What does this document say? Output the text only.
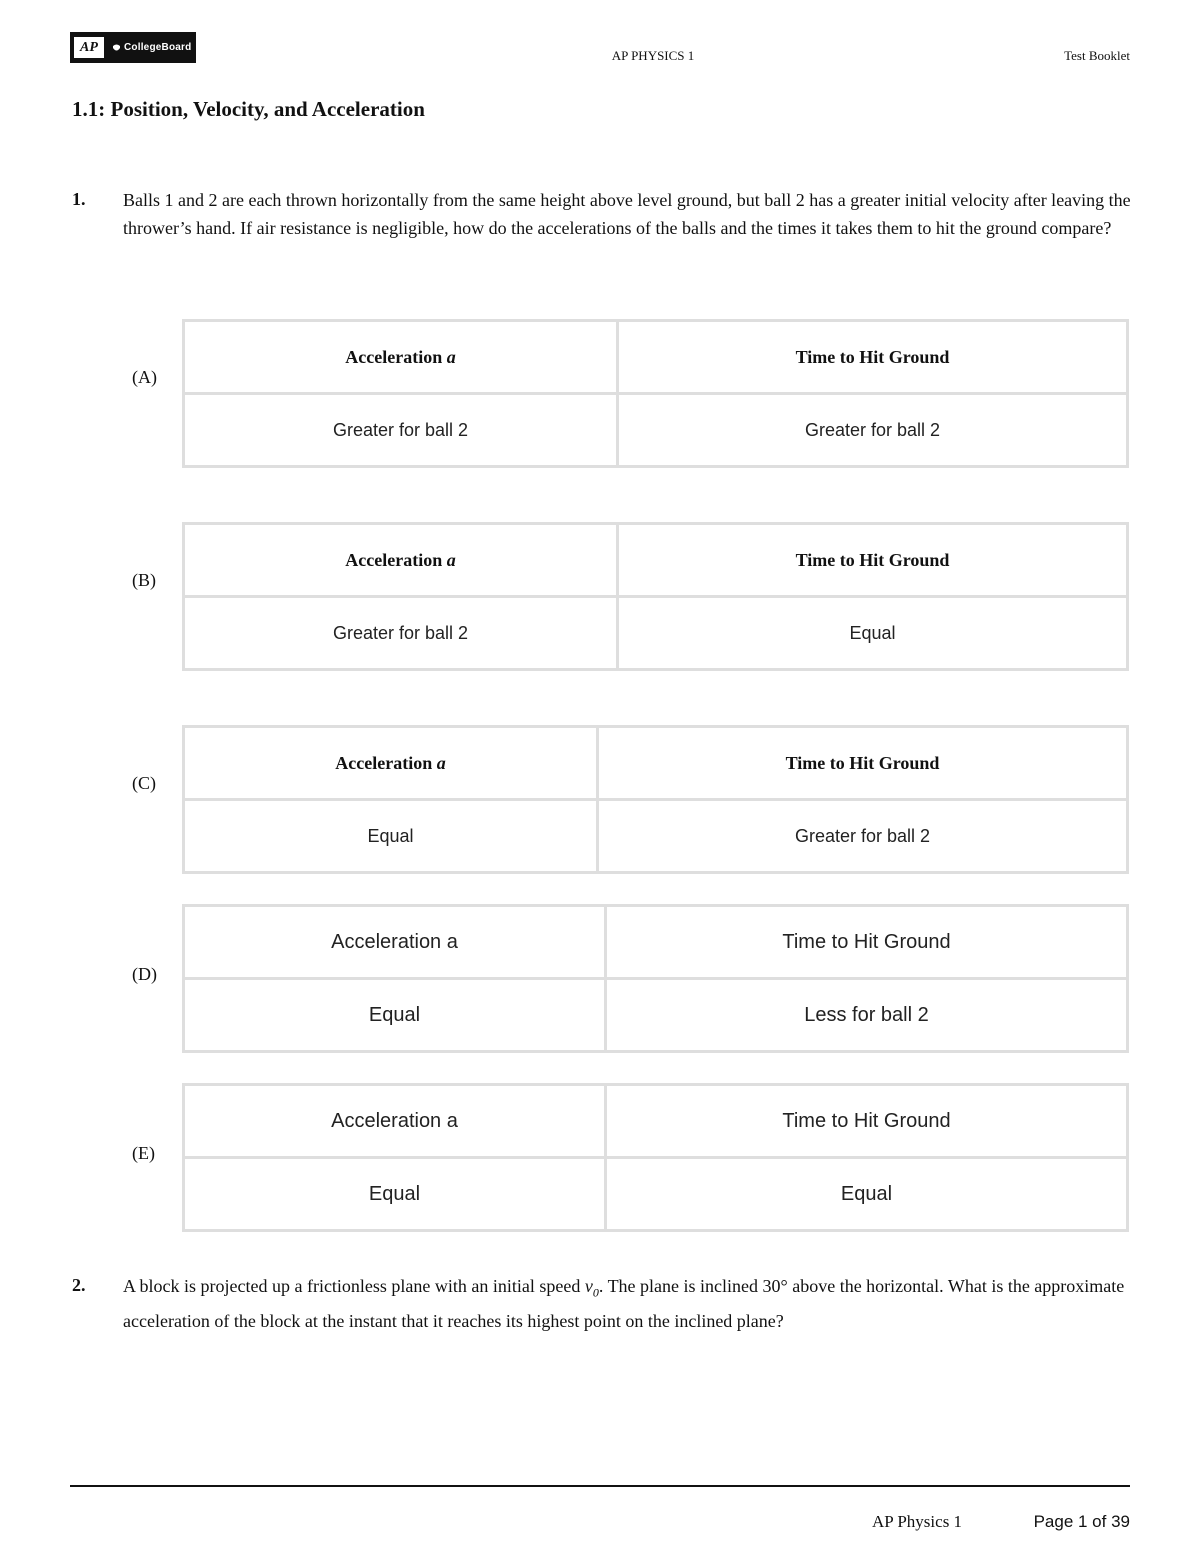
AP	CollegeBoard
AP PHYSICS 1	Test Booklet
1.1: Position, Velocity, and Acceleration
1. Balls 1 and 2 are each thrown horizontally from the same height above level ground, but ball 2 has a greater initial velocity after leaving the thrower’s hand. If air resistance is negligible, how do the accelerations of the balls and the times it takes them to hit the ground compare?
(A)
Acceleration a	Time to Hit Ground
Greater for ball 2	Greater for ball 2
(B)
Acceleration a	Time to Hit Ground
Greater for ball 2	Equal
(C)
Acceleration a	Time to Hit Ground
Equal	Greater for ball 2
(D)
Acceleration a	Time to Hit Ground
Equal	Less for ball 2
(E)
Acceleration a	Time to Hit Ground
Equal	Equal
2. A block is projected up a frictionless plane with an initial speed $v_0$. The plane is inclined 30° above the horizontal. What is the approximate acceleration of the block at the instant that it reaches its highest point on the inclined plane?
AP Physics 1	Page 1 of 39
